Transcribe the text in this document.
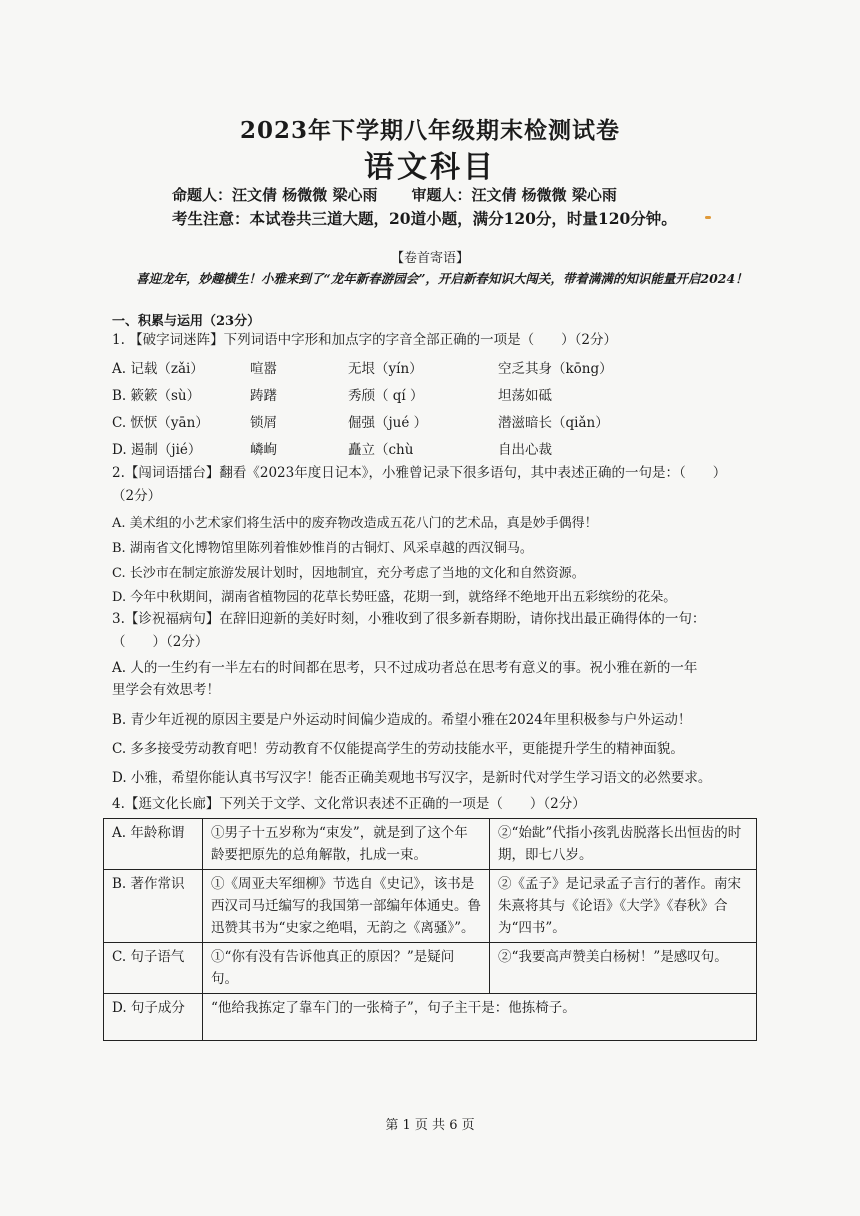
2023年下学期八年级期末检测试卷
语文科目
命题人：汪文倩 杨微微 梁心雨 审题人：汪文倩 杨微微 梁心雨
考生注意：本试卷共三道大题，20道小题，满分120分，时量120分钟。
【卷首寄语】
喜迎龙年，妙趣横生！小雅来到了“龙年新春游园会”，开启新春知识大闯关，带着满满的知识能量开启2024！
一、积累与运用（23分）
1. 【破字词迷阵】下列词语中字形和加点字的字音全部正确的一项是（　　）（2分）
A. 记载（zǎi）	喧嚣	无垠（yín）	空乏其身（kōng）
B. 簌簌（sù）	踌躇	秀颀（ qí ）	坦荡如砥
C. 恹恹（yān）	锁屑	倔强（jué ）	潜滋暗长（qiǎn）
D. 遏制（jié）	嶙峋	矗立（chù	自出心裁
2.【闯词语擂台】翻看《2023年度日记本》，小雅曾记录下很多语句，其中表述正确的一句是：（　　）
（2分）
A. 美术组的小艺术家们将生活中的废弃物改造成五花八门的艺术品，真是妙手偶得！
B. 湖南省文化博物馆里陈列着惟妙惟肖的古铜灯、风采卓越的西汉铜马。
C. 长沙市在制定旅游发展计划时，因地制宜，充分考虑了当地的文化和自然资源。
D. 今年中秋期间，湖南省植物园的花草长势旺盛，花期一到，就络绎不绝地开出五彩缤纷的花朵。
3.【诊祝福病句】在辞旧迎新的美好时刻，小雅收到了很多新春期盼，请你找出最正确得体的一句：
（　　）（2分）
A. 人的一生约有一半左右的时间都在思考，只不过成功者总在思考有意义的事。祝小雅在新的一年
里学会有效思考！
B. 青少年近视的原因主要是户外运动时间偏少造成的。希望小雅在2024年里积极参与户外运动！
C. 多多接受劳动教育吧！劳动教育不仅能提高学生的劳动技能水平，更能提升学生的精神面貌。
D. 小雅，希望你能认真书写汉字！能否正确美观地书写汉字，是新时代对学生学习语文的必然要求。
4.【逛文化长廊】下列关于文学、文化常识表述不正确的一项是（　　）（2分）
A. 年龄称谓	①男子十五岁称为“束发”，就是到了这个年龄要把原先的总角解散，扎成一束。	②“始龀”代指小孩乳齿脱落长出恒齿的时期，即七八岁。
B. 著作常识	①《周亚夫军细柳》节选自《史记》，该书是西汉司马迁编写的我国第一部编年体通史。鲁迅赞其书为“史家之绝唱，无韵之《离骚》”。	②《孟子》是记录孟子言行的著作。南宋朱熹将其与《论语》《大学》《春秋》合为“四书”。
C. 句子语气	①“你有没有告诉他真正的原因？”是疑问句。	②“我要高声赞美白杨树！”是感叹句。
D. 句子成分	“他给我拣定了靠车门的一张椅子”，句子主干是：他拣椅子。	
第 1 页 共 6 页
